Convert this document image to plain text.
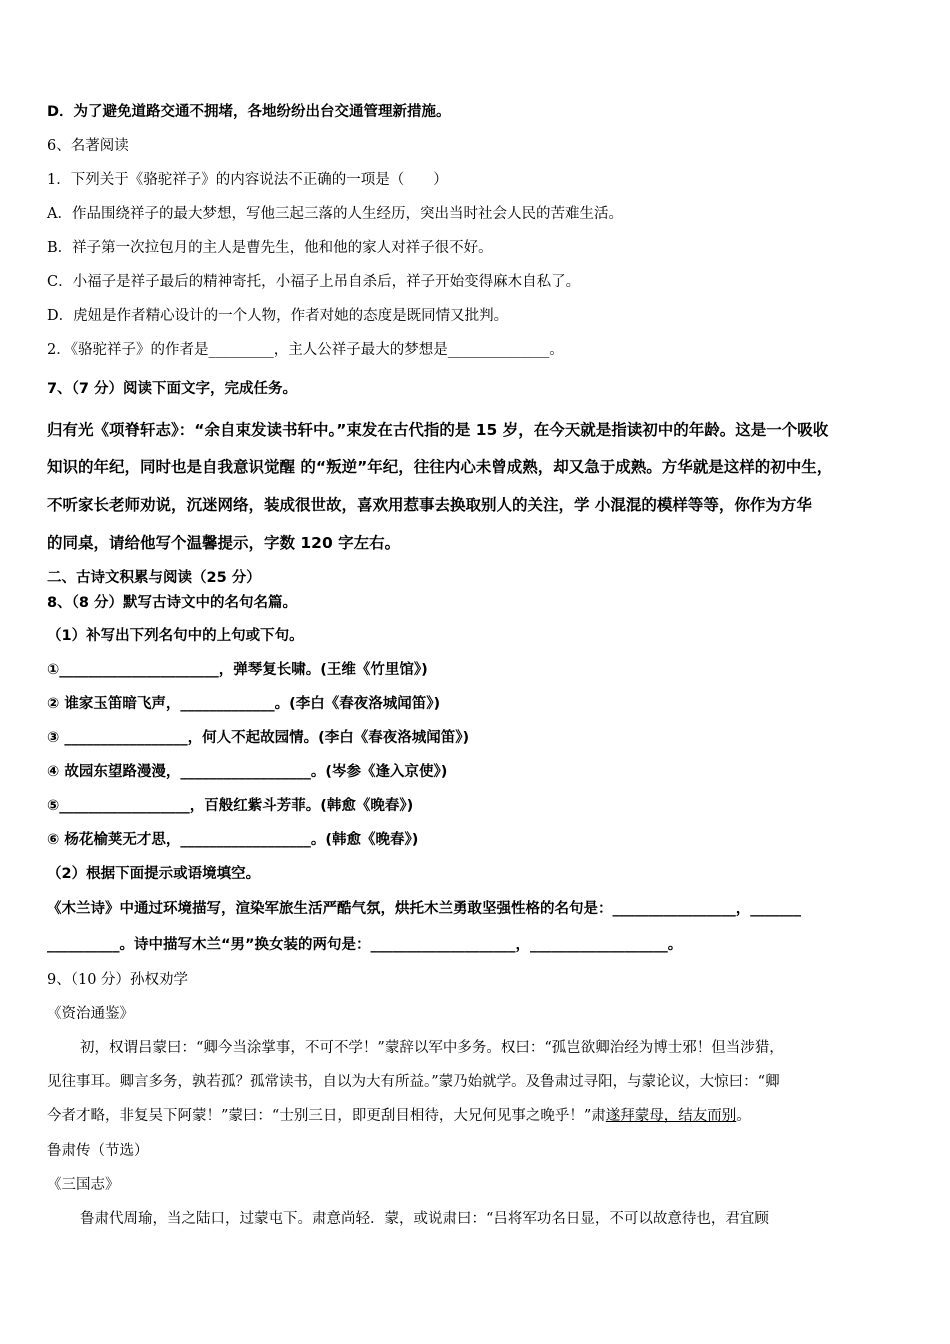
D．为了避免道路交通不拥堵，各地纷纷出台交通管理新措施。
6、名著阅读
1．下列关于《骆驼祥子》的内容说法不正确的一项是（　　）
A．作品围绕祥子的最大梦想，写他三起三落的人生经历，突出当时社会人民的苦难生活。
B．祥子第一次拉包月的主人是曹先生，他和他的家人对祥子很不好。
C．小福子是祥子最后的精神寄托，小福子上吊自杀后，祥子开始变得麻木自私了。
D．虎妞是作者精心设计的一个人物，作者对她的态度是既同情又批判。
2．《骆驼祥子》的作者是_________，主人公祥子最大的梦想是______________。
7、（7 分）阅读下面文字，完成任务。
归有光《项脊轩志》：“余自束发读书轩中。”束发在古代指的是 15 岁，在今天就是指读初中的年龄。这是一个吸收
知识的年纪，同时也是自我意识觉醒 的“叛逆”年纪，往往内心未曾成熟，却又急于成熟。方华就是这样的初中生，
不听家长老师劝说，沉迷网络，装成很世故，喜欢用惹事去换取别人的关注，学 小混混的模样等等，你作为方华
的同桌，请给他写个温馨提示，字数 120 字左右。
二、古诗文积累与阅读（25 分）
8、（8 分）默写古诗文中的名句名篇。
（1）补写出下列名句中的上句或下句。
①______________________，弹琴复长啸。(王维《竹里馆》)
② 谁家玉笛暗飞声，_____________。(李白《春夜洛城闻笛》)
③ _________________，何人不起故园情。(李白《春夜洛城闻笛》)
④ 故园东望路漫漫，__________________。(岑参《逢入京使》)
⑤__________________，百般红紫斗芳菲。(韩愈《晚春》)
⑥ 杨花榆荚无才思，__________________。(韩愈《晚春》)
（2）根据下面提示或语境填空。
《木兰诗》中通过环境描写，渲染军旅生活严酷气氛，烘托木兰勇敢坚强性格的名句是：_________________，_______
__________。诗中描写木兰“男”换女装的两句是：____________________，___________________。
9、（10 分）孙权劝学
《资治通鉴》
初，权谓吕蒙曰：“卿今当涂掌事，不可不学！”蒙辞以军中多务。权曰：“孤岂欲卿治经为博士邪！但当涉猎，
见往事耳。卿言多务，孰若孤？孤常读书，自以为大有所益。”蒙乃始就学。及鲁肃过寻阳，与蒙论议，大惊曰：“卿
今者才略，非复吴下阿蒙！”蒙曰：“士别三日，即更刮目相待，大兄何见事之晚乎！”肃遂拜蒙母，结友而别。
鲁肃传（节选）
《三国志》
鲁肃代周瑜，当之陆口，过蒙屯下。肃意尚轻．蒙，或说肃曰：“吕将军功名日显，不可以故意待也，君宜顾
